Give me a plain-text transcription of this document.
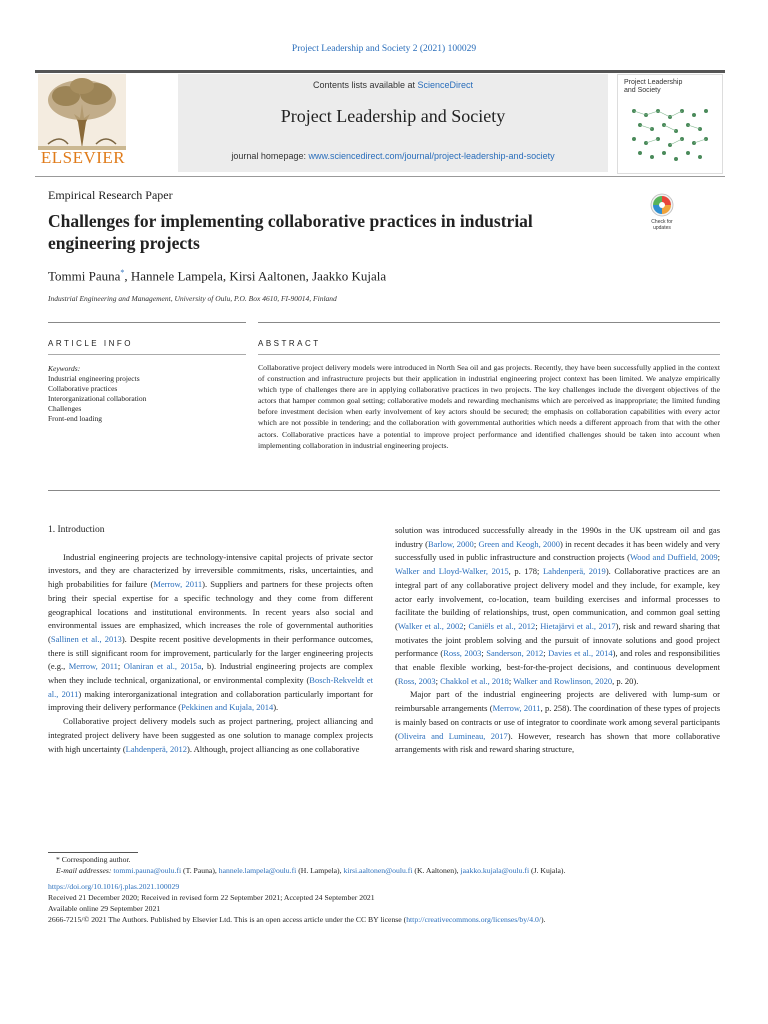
Project Leadership and Society 2 (2021) 100029
ELSEVIER
Contents lists available at ScienceDirect
Project Leadership and Society
journal homepage: www.sciencedirect.com/journal/project-leadership-and-society
Project Leadership
and Society
Empirical Research Paper
Challenges for implementing collaborative practices in industrial engineering projects
Check for
updates
Tommi Pauna*, Hannele Lampela, Kirsi Aaltonen, Jaakko Kujala
Industrial Engineering and Management, University of Oulu, P.O. Box 4610, FI-90014, Finland
ARTICLE INFO	ABSTRACT
Keywords:
Industrial engineering projects
Collaborative practices
Interorganizational collaboration
Challenges
Front-end loading
Collaborative project delivery models were introduced in North Sea oil and gas projects. Recently, they have been successfully applied in the context of construction and infrastructure projects but their application in industrial engineering project context has been limited. We analyze empirically which type of challenges there are in applying collaborative practices in two projects. The key challenges include the divergent objectives of the actors that hamper common goal setting; collaborative models and rewarding mechanisms which are perceived as inappropriate; the limited funding before investment decision when early involvement of key actors should be secured; the emphasis on collaboration capabilities with every actor which are not possible in tendering; and the collaboration with governmental authorities which needs a different approach from that with the other actors. Collaborative practices have a potential to improve project performance and identified challenges should be taken into account when implementing collaboration in industrial engineering projects.

1. Introduction

Industrial engineering projects are technology-intensive capital projects of private sector investors, and they are characterized by irreversible commitments, risks, uncertainties, and high probabilities for failure (Merrow, 2011). Suppliers and partners for these projects often bring their special expertise for a specific technology and they come from different geographical locations and institutional environments. In recent years also social and environmental issues are emphasized, which increases the role of governmental authorities (Sallinen et al., 2013). Despite recent positive developments in their performance outcomes, there is still significant room for improvement, particularly for the larger engineering projects (e.g., Merrow, 2011; Olaniran et al., 2015a, b). Industrial engineering projects are complex when they include technical, organizational, or environmental complexity (Bosch-Rekveldt et al., 2011) making interorganizational integration and collaboration particularly important for improving their delivery performance (Pekkinen and Kujala, 2014).

Collaborative project delivery models such as project partnering, project alliancing and integrated project delivery have been suggested as one solution to manage complex projects with high uncertainty (Lahdenperä, 2012). Although, project alliancing as one collaborative

solution was introduced successfully already in the 1990s in the UK upstream oil and gas industry (Barlow, 2000; Green and Keogh, 2000) in recent decades it has been widely and very successfully used in public infrastructure and construction projects (Wood and Duffield, 2009; Walker and Lloyd-Walker, 2015, p. 178; Lahdenperä, 2019). Collaborative practices are an integral part of any collaborative project delivery model and they include, for example, key actor early involvement, co-location, team building exercises and informal processes to facilitate the building of relationships, trust, open communication, and common goal setting (Walker et al., 2002; Caniëls et al., 2012; Hietajärvi et al., 2017), risk and reward sharing that motivates the joint problem solving and the pursuit of innovate solutions and good project performance (Ross, 2003; Sanderson, 2012; Davies et al., 2014), and roles and responsibilities that enable flexible working, best-for-the-project decisions, and continuous development (Ross, 2003; Chakkol et al., 2018; Walker and Rowlinson, 2020, p. 20).

Major part of the industrial engineering projects are delivered with lump-sum or reimbursable arrangements (Merrow, 2011, p. 258). The coordination of these types of projects is mainly based on contracts or use of integrator to coordinate work among several participants (Oliveira and Lumineau, 2017). However, research has shown that more collaborative arrangements with risk and reward sharing structure,

* Corresponding author.

E-mail addresses: tommi.pauna@oulu.fi (T. Pauna), hannele.lampela@oulu.fi (H. Lampela), kirsi.aaltonen@oulu.fi (K. Aaltonen), jaakko.kujala@oulu.fi (J. Kujala).

https://doi.org/10.1016/j.plas.2021.100029

Received 21 December 2020; Received in revised form 22 September 2021; Accepted 24 September 2021

Available online 29 September 2021

2666-7215/© 2021 The Authors. Published by Elsevier Ltd. This is an open access article under the CC BY license (http://creativecommons.org/licenses/by/4.0/).
